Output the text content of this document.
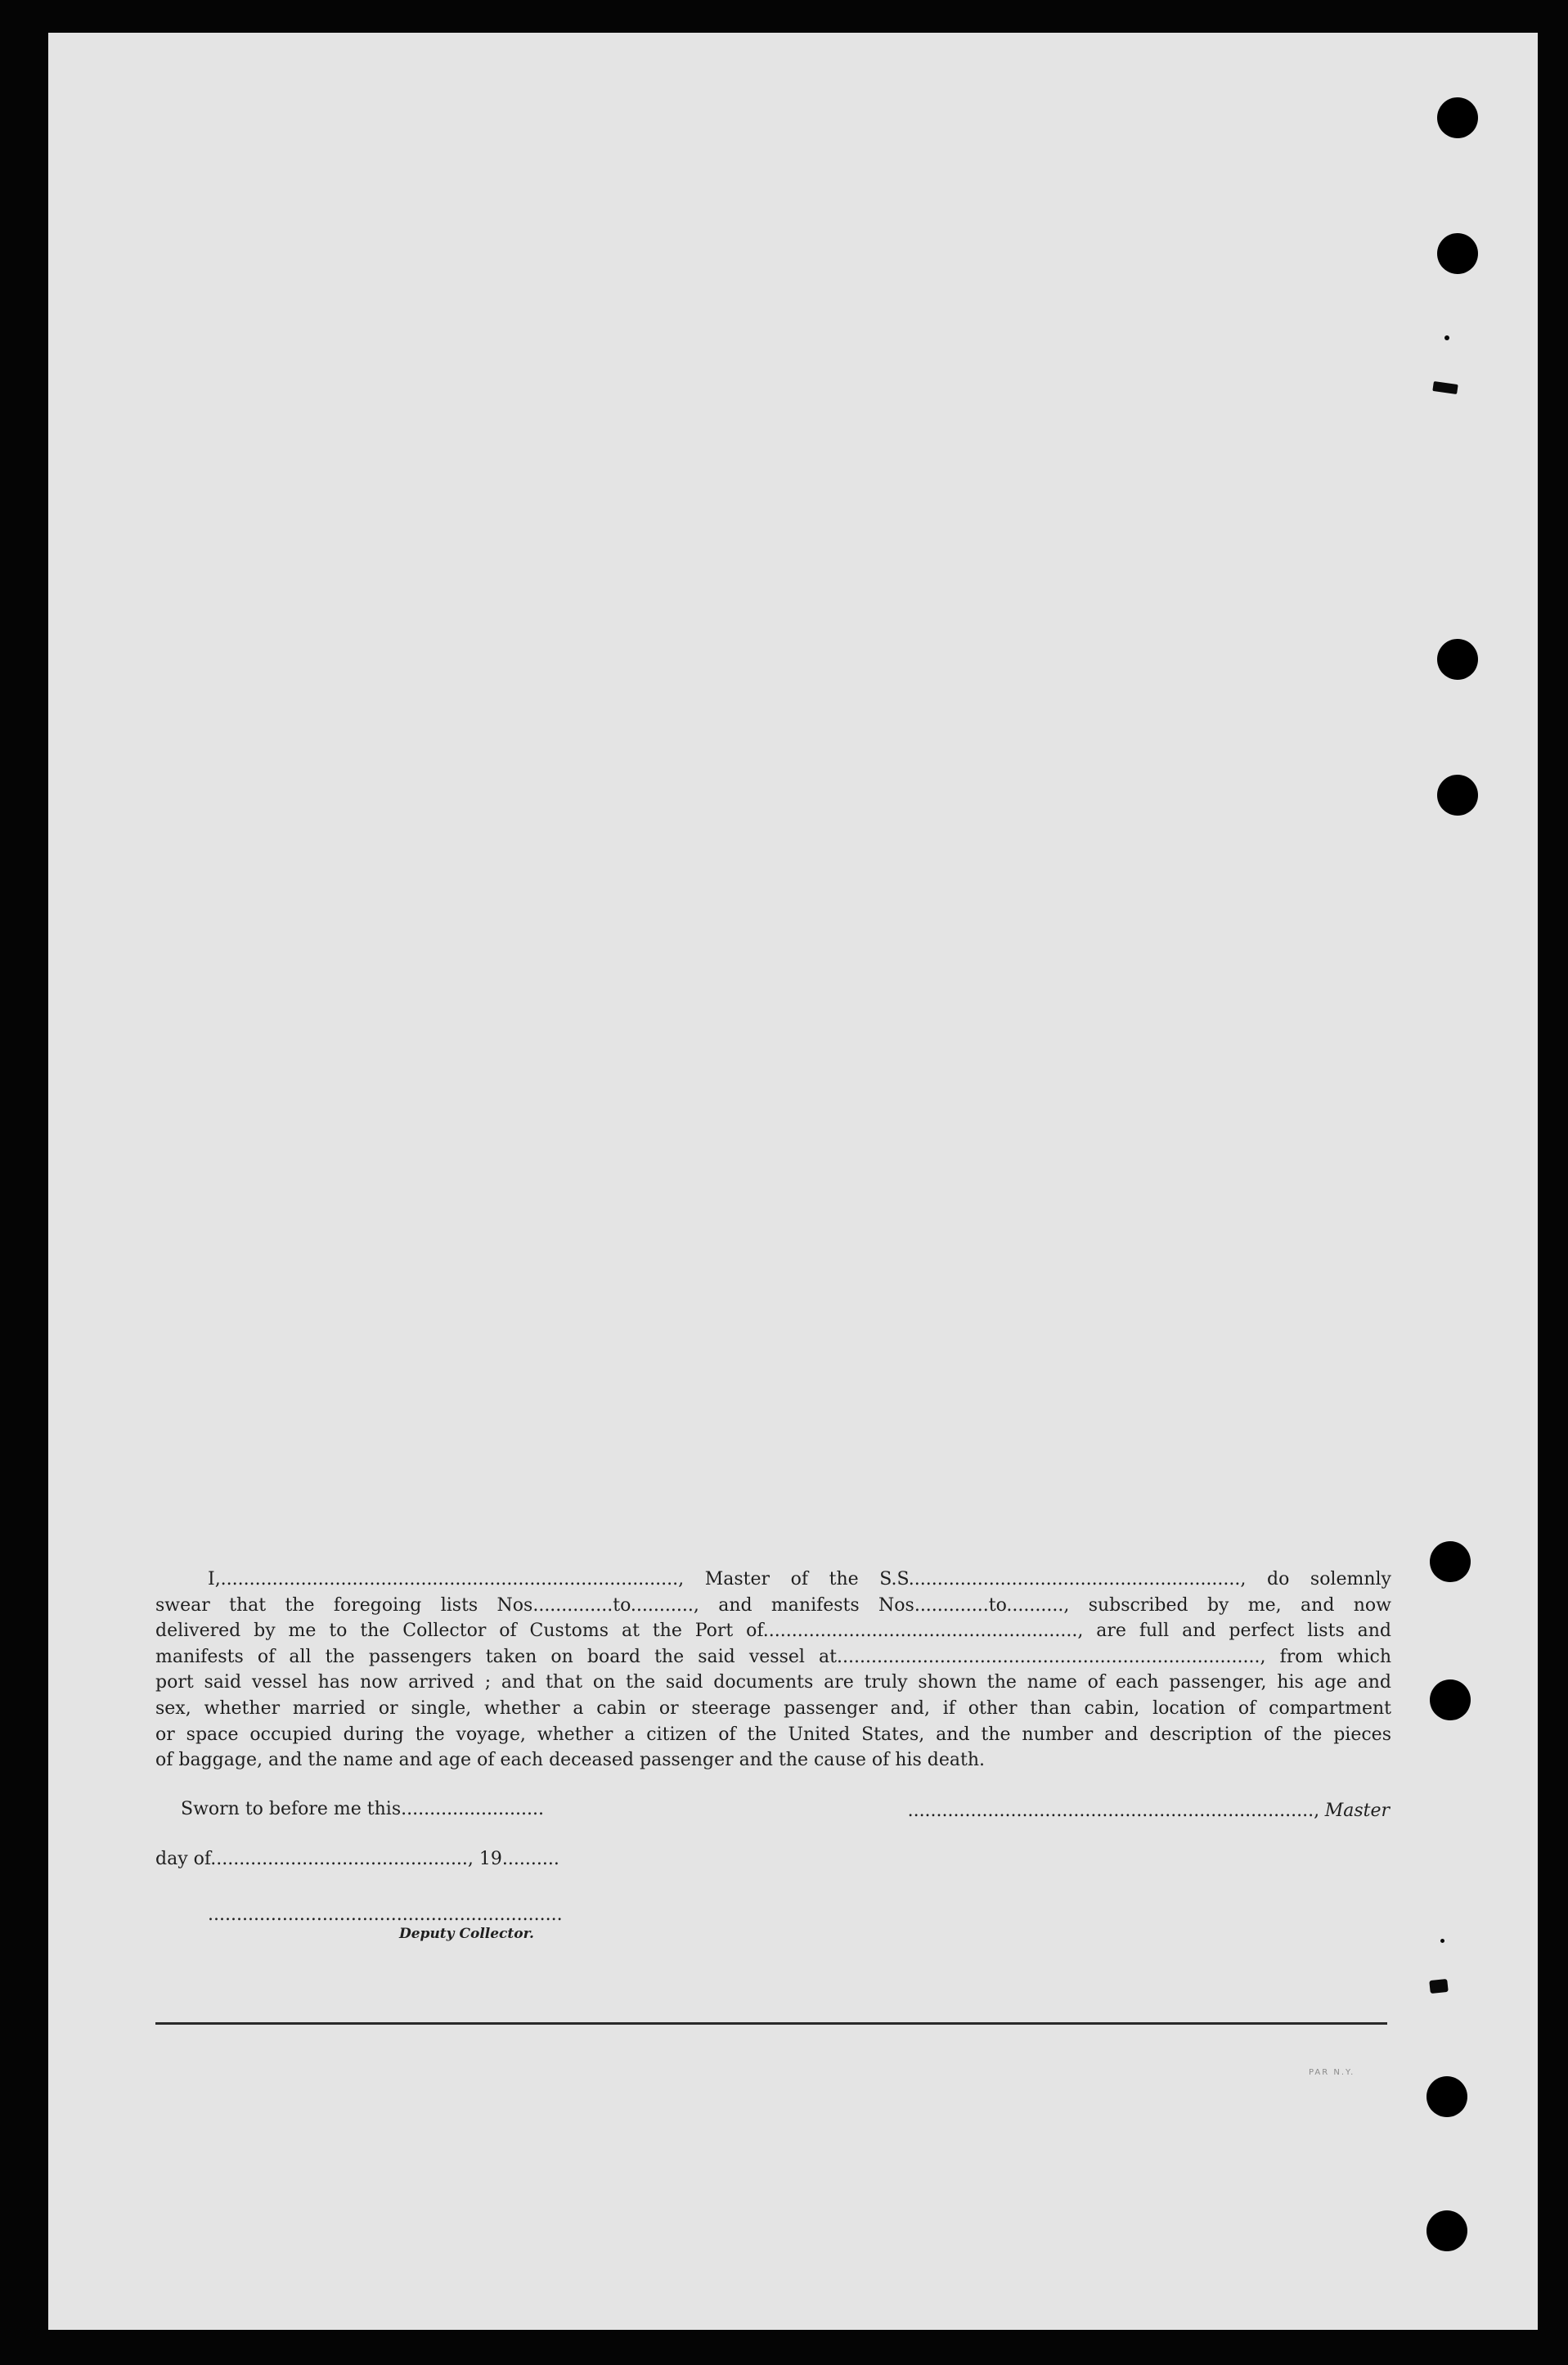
I,................................................................................, Master of the S.S.........................................................., do solemnly
swear that the foregoing lists Nos..............to..........., and manifests Nos.............to.........., subscribed by me, and now
delivered by me to the Collector of Customs at the Port of......................................................., are full and perfect lists and
manifests of all the passengers taken on board the said vessel at.........................................................................., from which
port said vessel has now arrived ; and that on the said documents are truly shown the name of each passenger, his age and
sex, whether married or single, whether a cabin or steerage passenger and, if other than cabin, location of compartment
or space occupied during the voyage, whether a citizen of the United States, and the number and description of the pieces
of baggage, and the name and age of each deceased passenger and the cause of his death.
Sworn to before me this.........................	......................................................................., Master
day of............................................., 19..........
..............................................................
Deputy Collector.
PAR N.Y.
